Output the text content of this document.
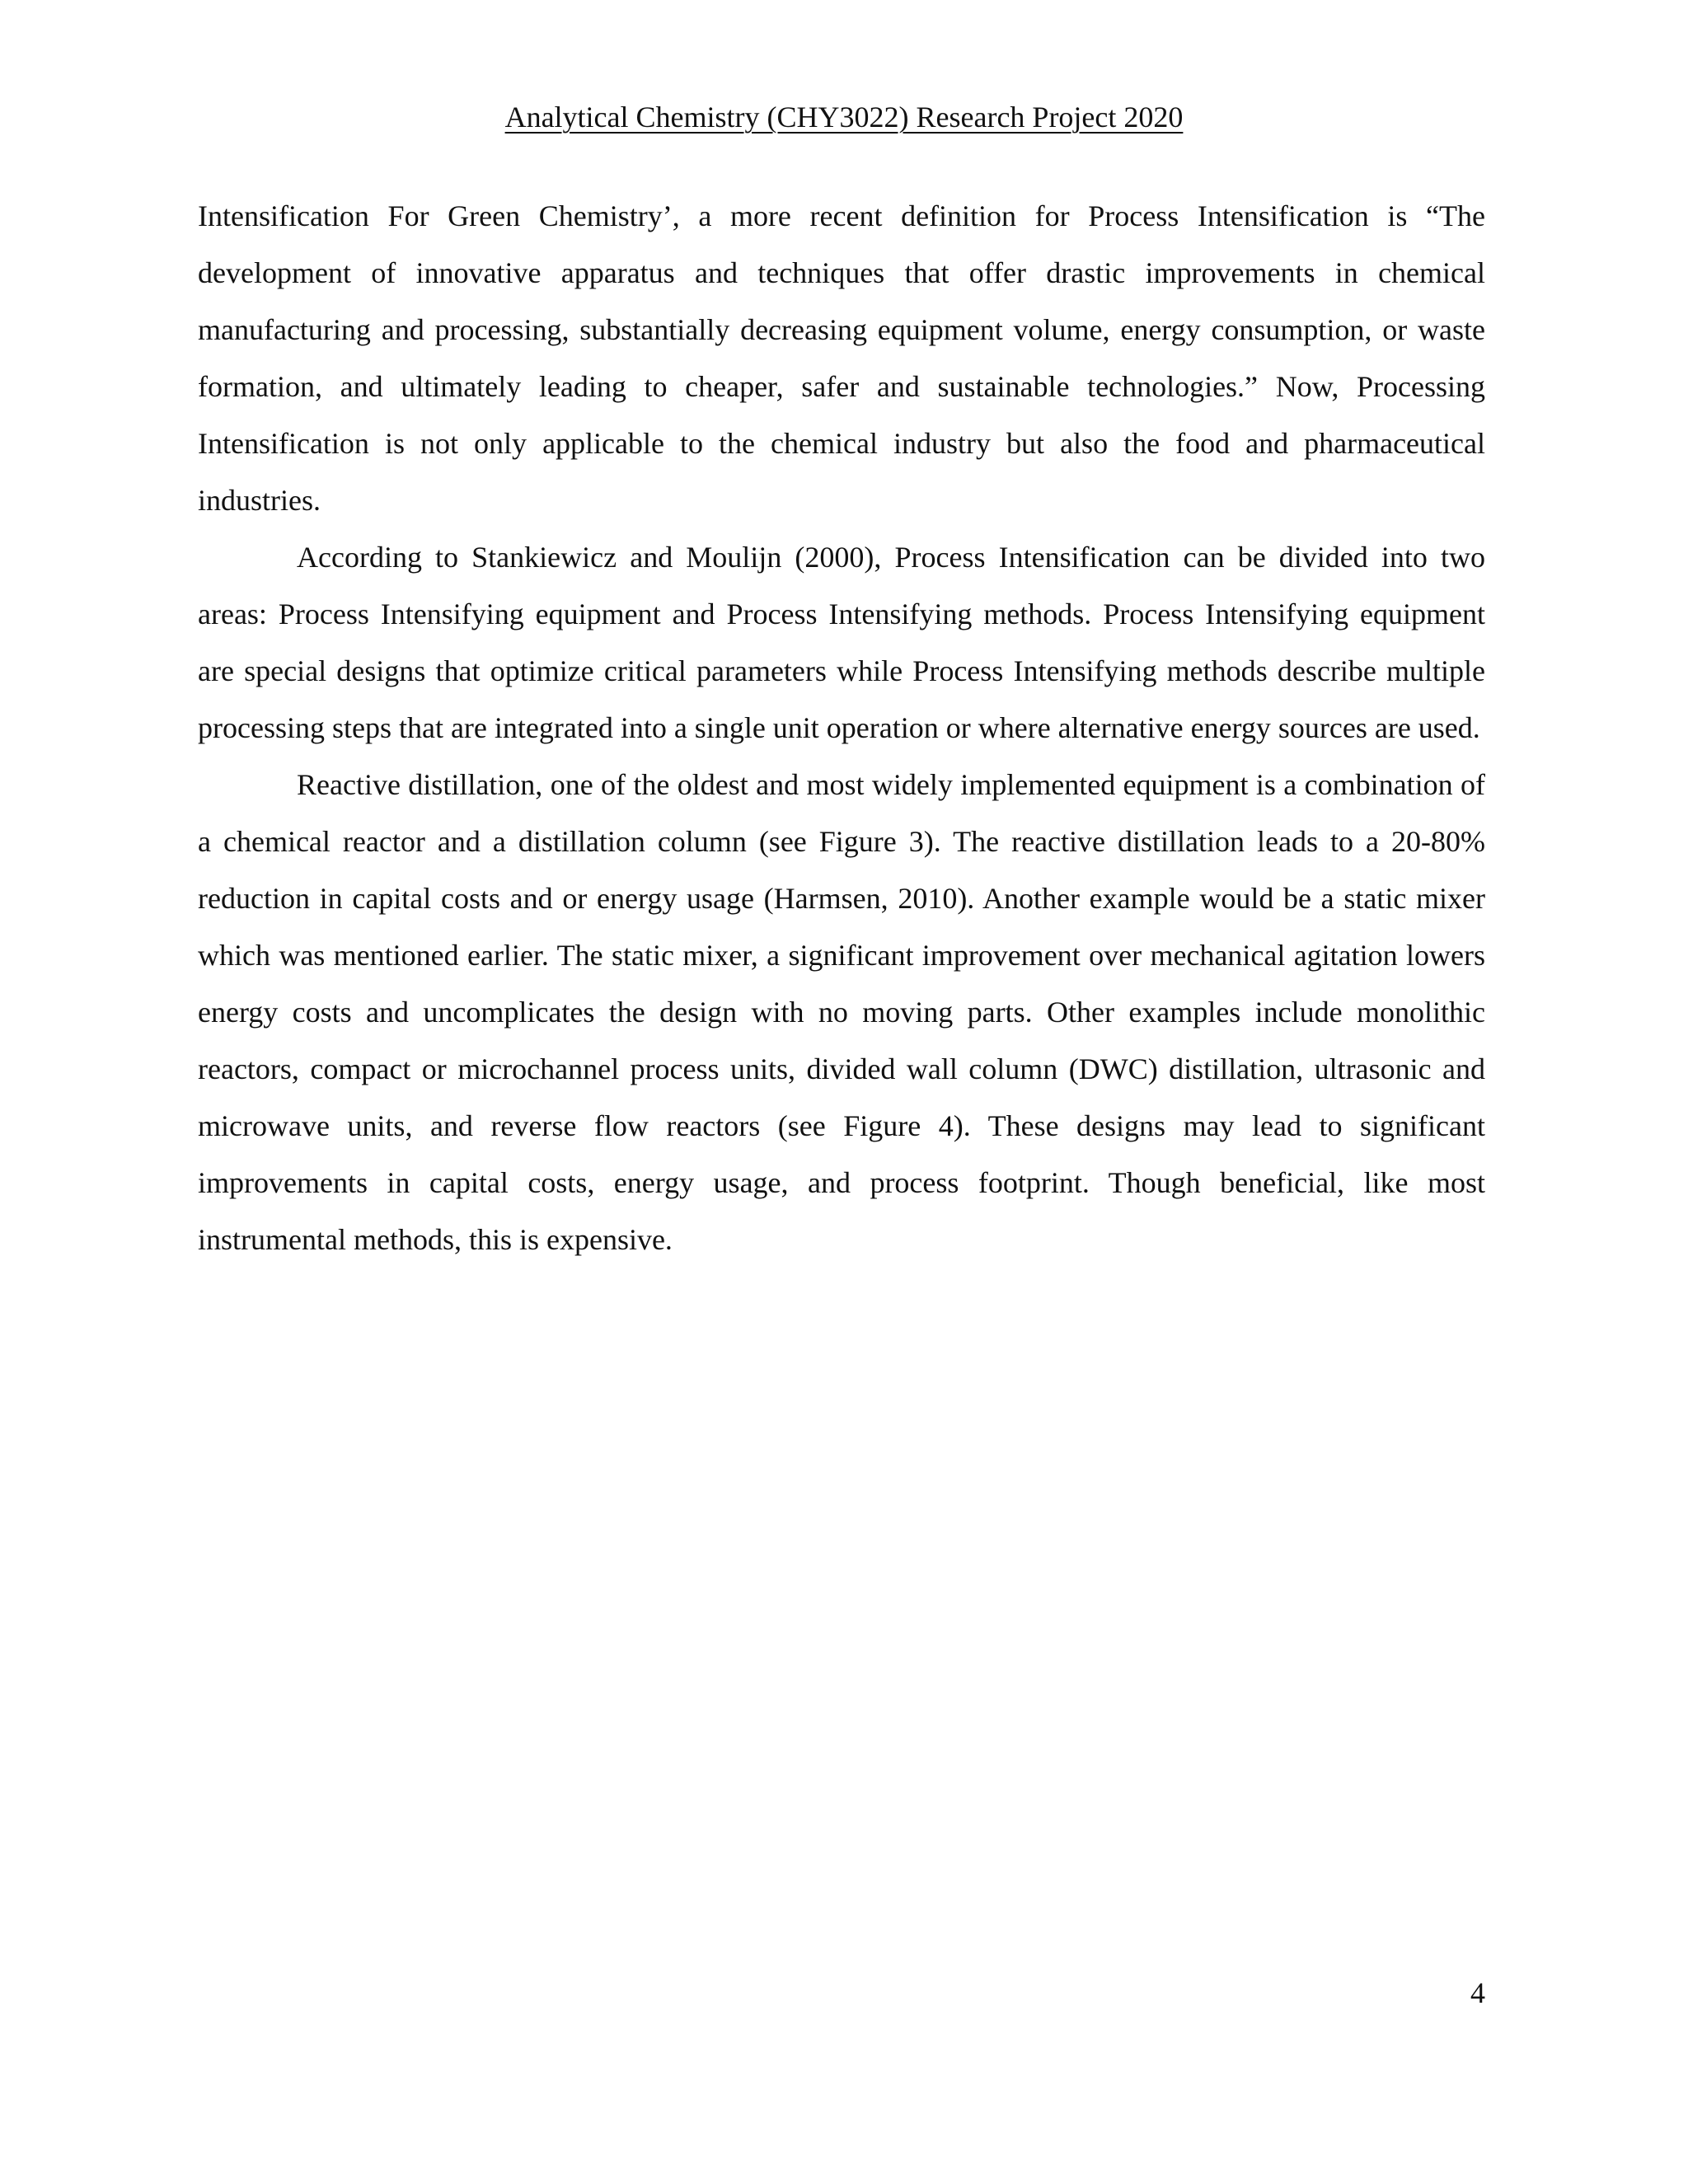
Analytical Chemistry (CHY3022) Research Project 2020

Intensification For Green Chemistry’, a more recent definition for Process Intensification is “The development of innovative apparatus and techniques that offer drastic improvements in chemical manufacturing and processing, substantially decreasing equipment volume, energy consumption, or waste formation, and ultimately leading to cheaper, safer and sustainable technologies.” Now, Processing Intensification is not only applicable to the chemical industry but also the food and pharmaceutical industries.

According to Stankiewicz and Moulijn (2000), Process Intensification can be divided into two areas: Process Intensifying equipment and Process Intensifying methods. Process Intensifying equipment are special designs that optimize critical parameters while Process Intensifying methods describe multiple processing steps that are integrated into a single unit operation or where alternative energy sources are used.

Reactive distillation, one of the oldest and most widely implemented equipment is a combination of a chemical reactor and a distillation column (see Figure 3). The reactive distillation leads to a 20-80% reduction in capital costs and or energy usage (Harmsen, 2010). Another example would be a static mixer which was mentioned earlier. The static mixer, a significant improvement over mechanical agitation lowers energy costs and uncomplicates the design with no moving parts. Other examples include monolithic reactors, compact or microchannel process units, divided wall column (DWC) distillation, ultrasonic and microwave units, and reverse flow reactors (see Figure 4). These designs may lead to significant improvements in capital costs, energy usage, and process footprint. Though beneficial, like most instrumental methods, this is expensive.

4
